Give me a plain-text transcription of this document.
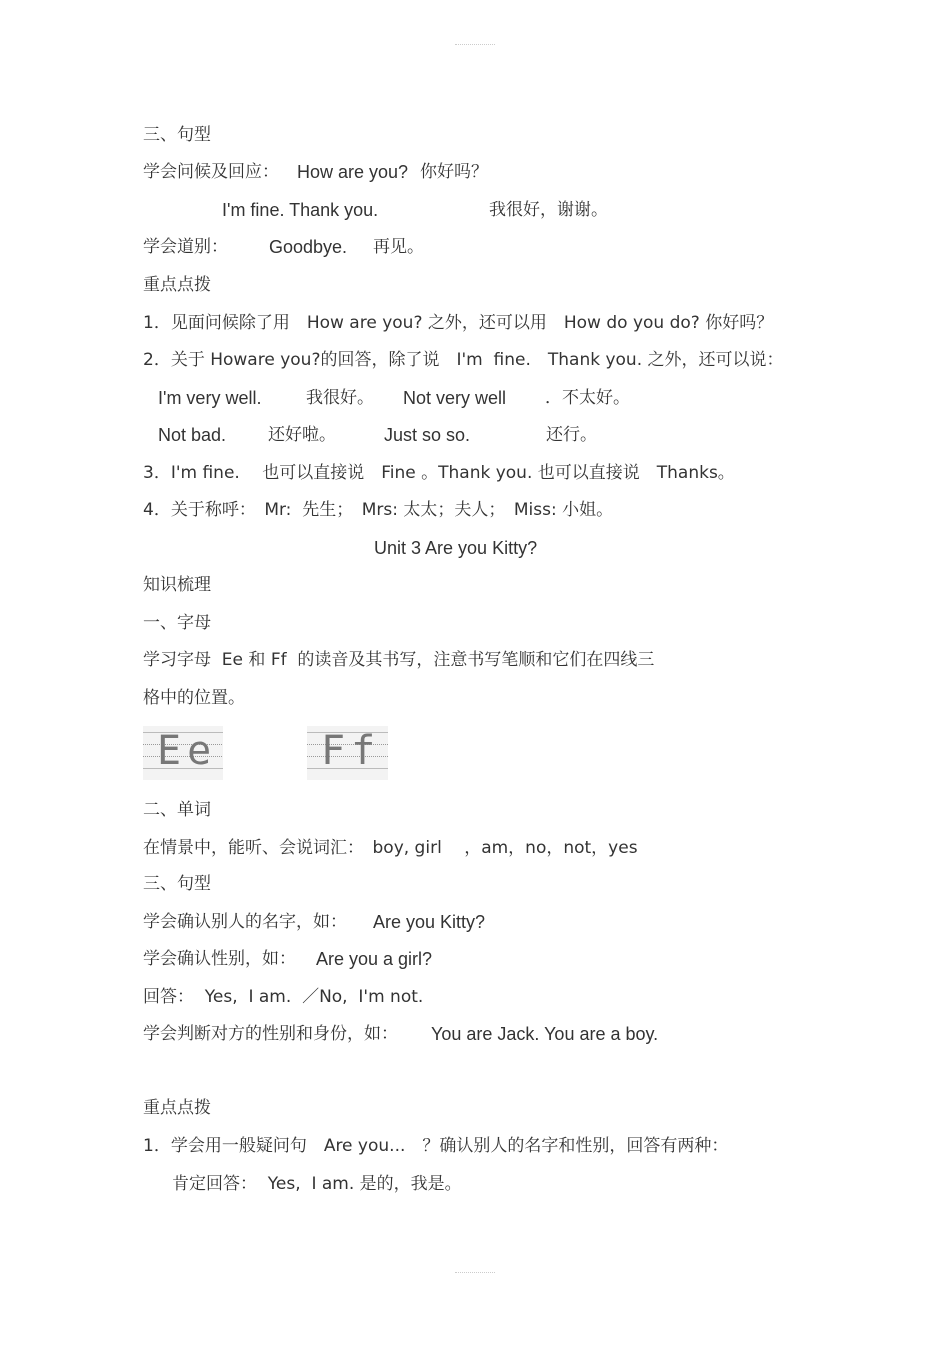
三、句型
学会问候及回应： How are you? 你好吗？
I'm fine. Thank you.	我很好，谢谢。
学会道别： Goodbye. 再见。
重点点拨
1．见面问候除了用　How are you? 之外，还可以用　How do you do? 你好吗？
2．关于 Howare you?的回答，除了说　I'm  fine.　Thank you. 之外，还可以说：
I'm very well.	我很好。 Not very well ．不太好。
Not bad. 还好啦。	Just so so.	还行。
3．I'm fine.　 也可以直接说　Fine 。Thank you. 也可以直接说　Thanks。
4．关于称呼：　Mr:  先生；　Mrs: 太太；夫人；　Miss: 小姐。
Unit 3 Are you Kitty?
知识梳理
一、字母
学习字母  Ee 和 Ff  的读音及其书写，注意书写笔顺和它们在四线三
格中的位置。
Ee	Ff
二、单词
在情景中，能听、会说词汇：　boy, girl　 ，am，no，not，yes
三、句型
学会确认别人的名字，如： Are you Kitty?
学会确认性别，如： Are you a girl?
回答：  Yes,  I am.  ／No,  I'm not.
学会判断对方的性别和身份，如： You are Jack. You are a boy.
重点点拨
1．学会用一般疑问句　Are you...　？确认别人的名字和性别，回答有两种：
肯定回答：  Yes,  I am. 是的，我是。
